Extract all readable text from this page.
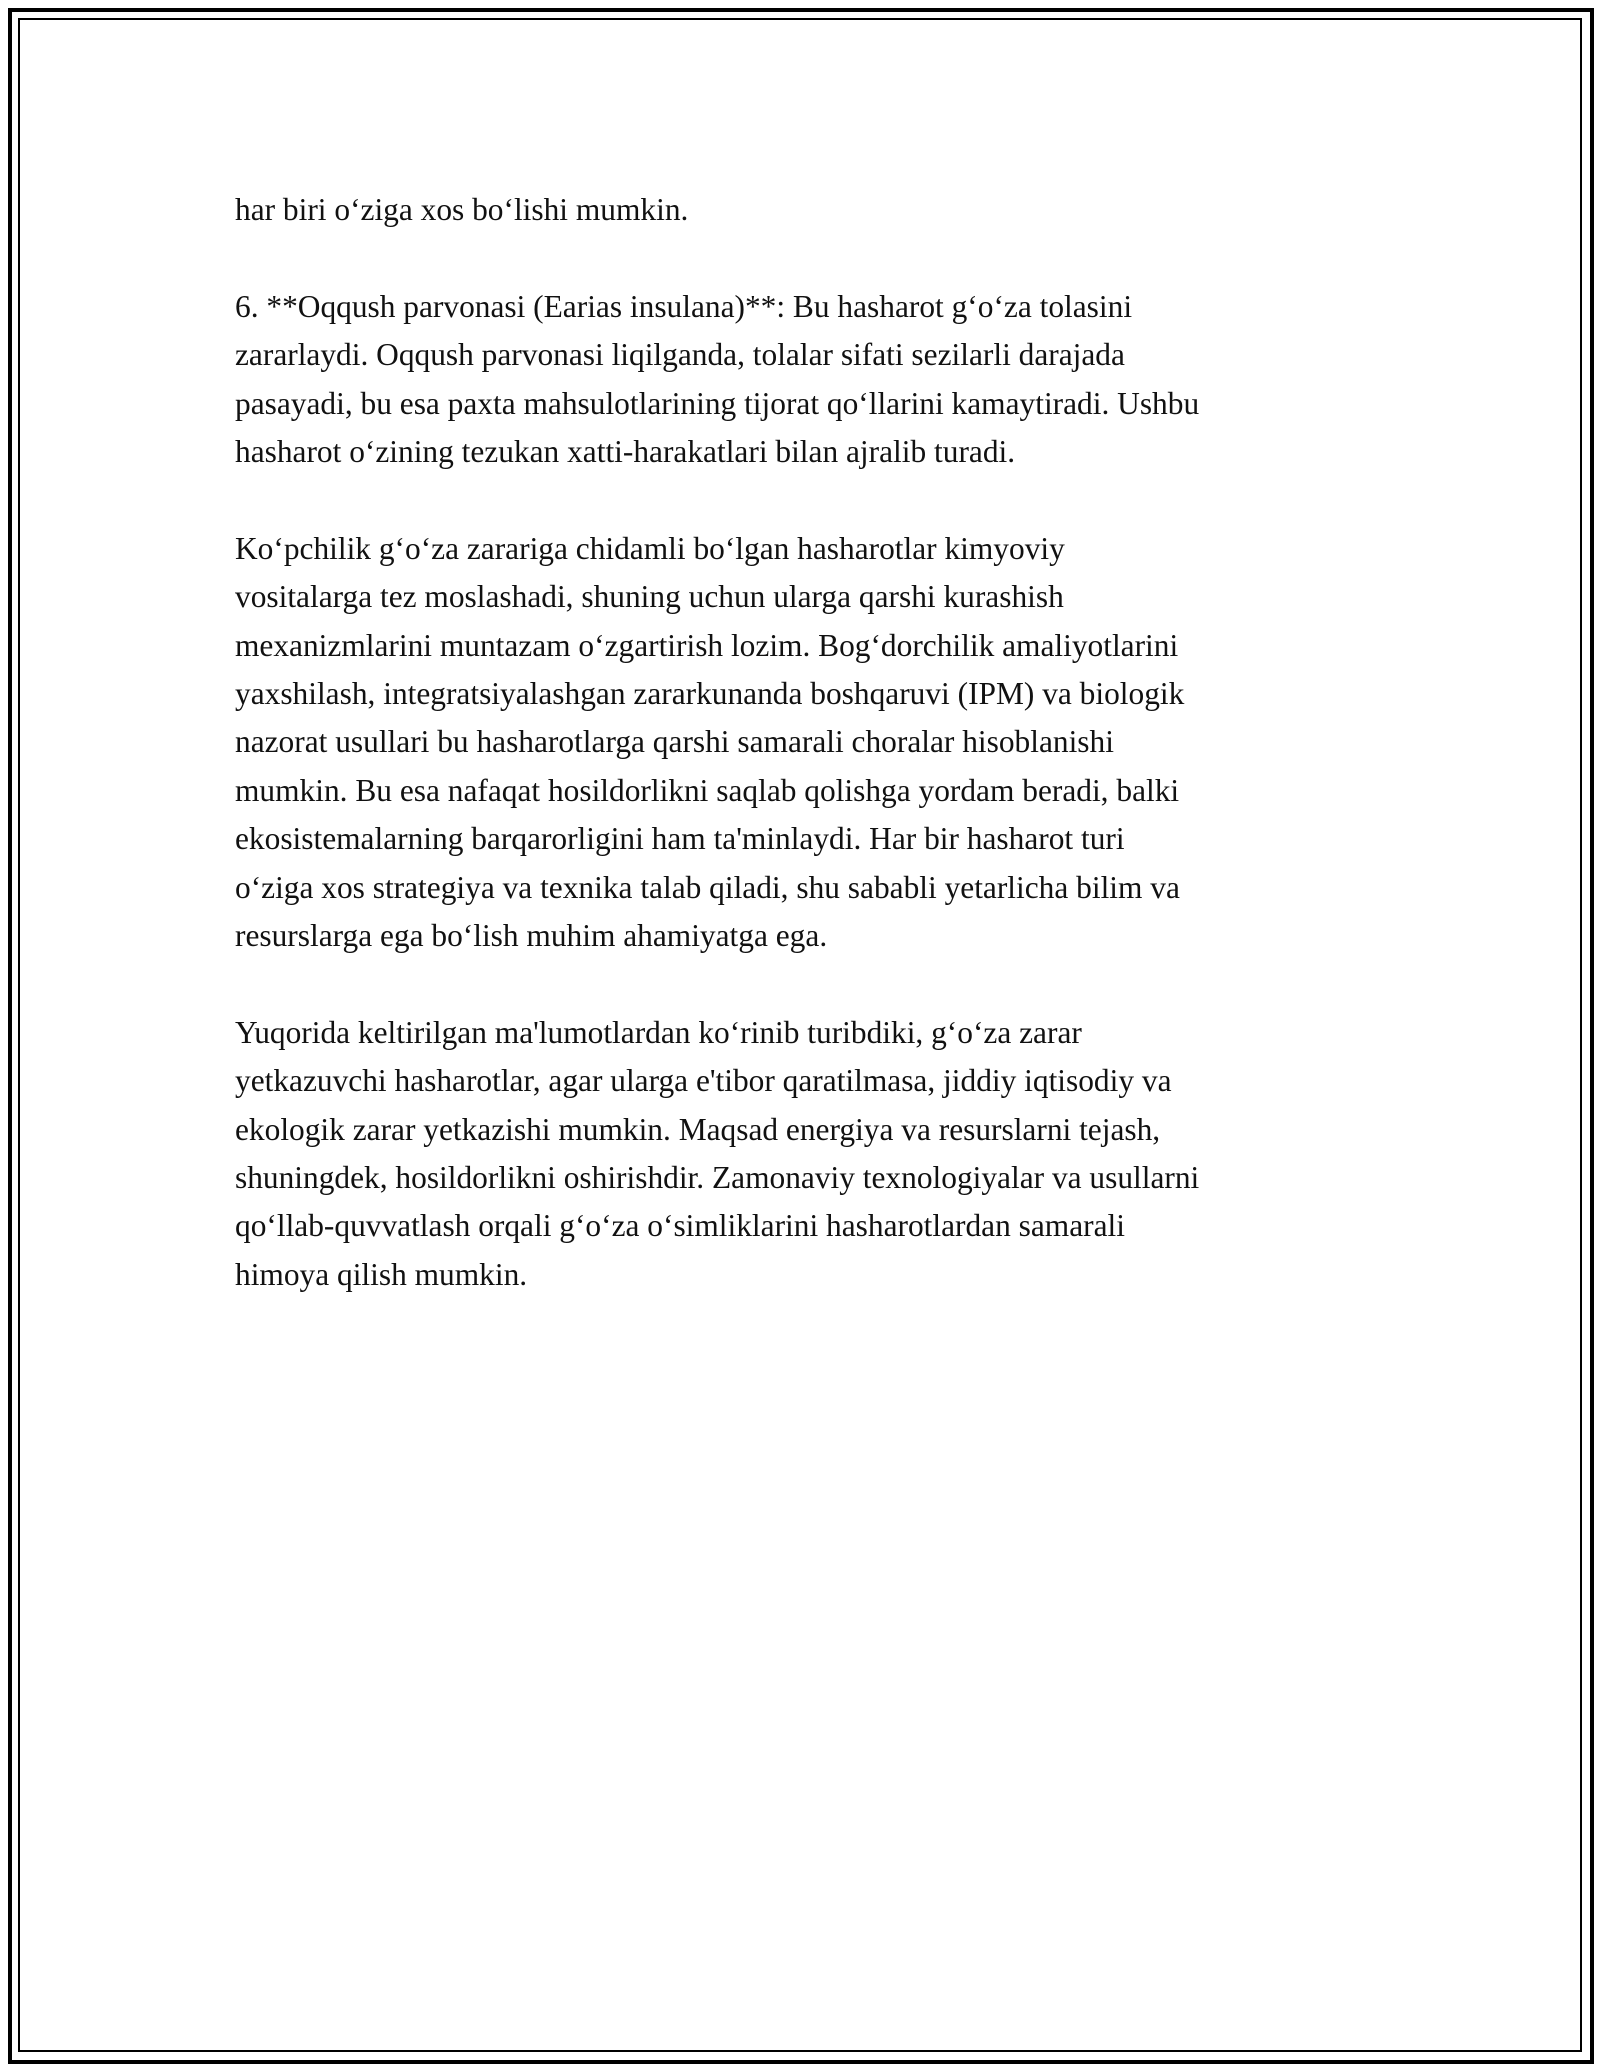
har biri o‘ziga xos bo‘lishi mumkin.

6. **Oqqush parvonasi (Earias insulana)**: Bu hasharot g‘o‘za tolasini
zararlaydi. Oqqush parvonasi liqilganda, tolalar sifati sezilarli darajada
pasayadi, bu esa paxta mahsulotlarining tijorat qo‘llarini kamaytiradi. Ushbu
hasharot o‘zining tezukan xatti-harakatlari bilan ajralib turadi.

Ko‘pchilik g‘o‘za zarariga chidamli bo‘lgan hasharotlar kimyoviy
vositalarga tez moslashadi, shuning uchun ularga qarshi kurashish
mexanizmlarini muntazam o‘zgartirish lozim. Bog‘dorchilik amaliyotlarini
yaxshilash, integratsiyalashgan zararkunanda boshqaruvi (IPM) va biologik
nazorat usullari bu hasharotlarga qarshi samarali choralar hisoblanishi
mumkin. Bu esa nafaqat hosildorlikni saqlab qolishga yordam beradi, balki
ekosistemalarning barqarorligini ham ta'minlaydi. Har bir hasharot turi
o‘ziga xos strategiya va texnika talab qiladi, shu sababli yetarlicha bilim va
resurslarga ega bo‘lish muhim ahamiyatga ega.

Yuqorida keltirilgan ma'lumotlardan ko‘rinib turibdiki, g‘o‘za zarar
yetkazuvchi hasharotlar, agar ularga e'tibor qaratilmasa, jiddiy iqtisodiy va
ekologik zarar yetkazishi mumkin. Maqsad energiya va resurslarni tejash,
shuningdek, hosildorlikni oshirishdir. Zamonaviy texnologiyalar va usullarni
qo‘llab-quvvatlash orqali g‘o‘za o‘simliklarini hasharotlardan samarali
himoya qilish mumkin.
